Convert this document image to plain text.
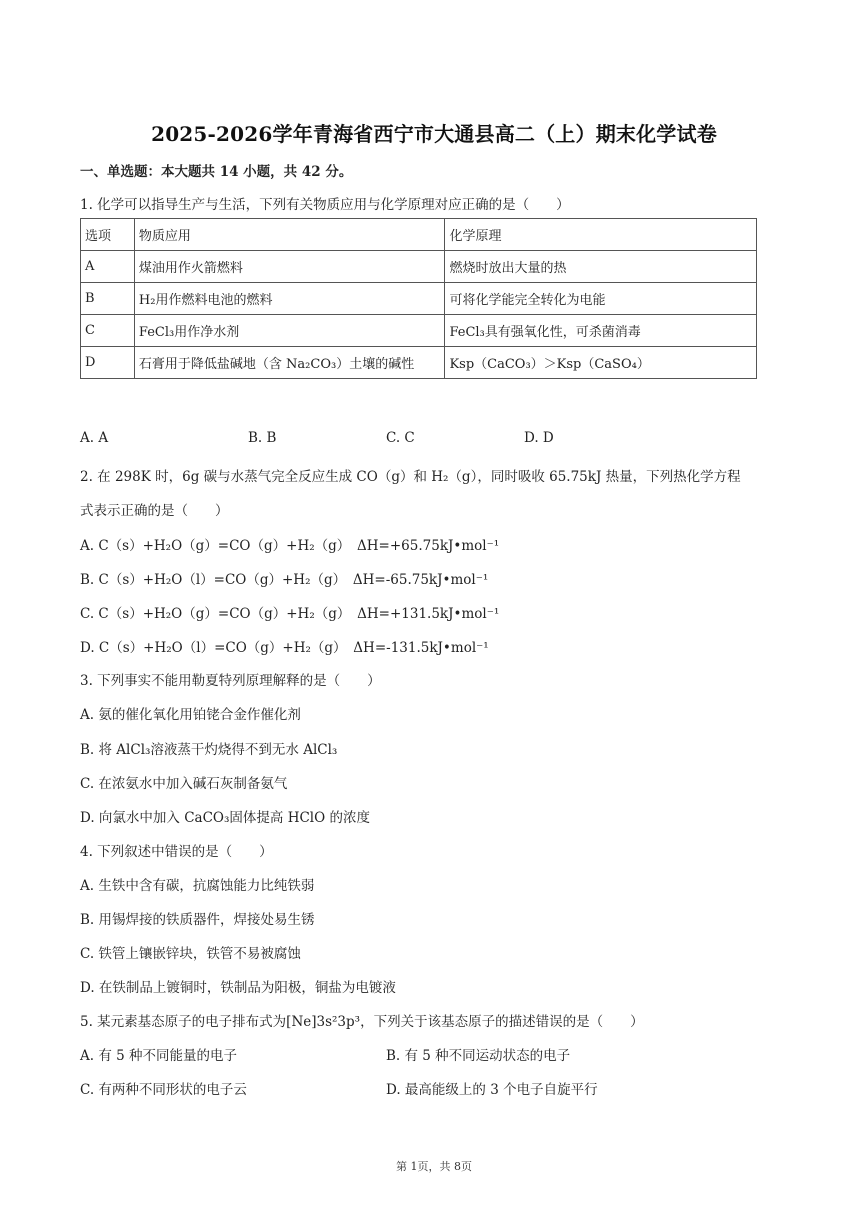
2025-2026学年青海省西宁市大通县高二（上）期末化学试卷
一、单选题：本大题共 14 小题，共 42 分。
1. 化学可以指导生产与生活，下列有关物质应用与化学原理对应正确的是（　　）
选项	物质应用	化学原理
A	煤油用作火箭燃料	燃烧时放出大量的热
B	H₂用作燃料电池的燃料	可将化学能完全转化为电能
C	FeCl₃用作净水剂	FeCl₃具有强氧化性，可杀菌消毒
D	石膏用于降低盐碱地（含 Na₂CO₃）土壤的碱性	Ksp（CaCO₃）＞Ksp（CaSO₄）
A. A	B. B	C. C	D. D
2. 在 298K 时，6g 碳与水蒸气完全反应生成 CO（g）和 H₂（g），同时吸收 65.75kJ 热量，下列热化学方程
式表示正确的是（　　）
A. C（s）+H₂O（g）=CO（g）+H₂（g）　ΔH=+65.75kJ•mol⁻¹
B. C（s）+H₂O（l）=CO（g）+H₂（g）　ΔH=-65.75kJ•mol⁻¹
C. C（s）+H₂O（g）=CO（g）+H₂（g）　ΔH=+131.5kJ•mol⁻¹
D. C（s）+H₂O（l）=CO（g）+H₂（g）　ΔH=-131.5kJ•mol⁻¹
3. 下列事实不能用勒夏特列原理解释的是（　　）
A. 氨的催化氧化用铂铑合金作催化剂
B. 将 AlCl₃溶液蒸干灼烧得不到无水 AlCl₃
C. 在浓氨水中加入碱石灰制备氨气
D. 向氯水中加入 CaCO₃固体提高 HClO 的浓度
4. 下列叙述中错误的是（　　）
A. 生铁中含有碳，抗腐蚀能力比纯铁弱
B. 用锡焊接的铁质器件，焊接处易生锈
C. 铁管上镶嵌锌块，铁管不易被腐蚀
D. 在铁制品上镀铜时，铁制品为阳极，铜盐为电镀液
5. 某元素基态原子的电子排布式为[Ne]3s²3p³，下列关于该基态原子的描述错误的是（　　）
A. 有 5 种不同能量的电子	B. 有 5 种不同运动状态的电子
C. 有两种不同形状的电子云	D. 最高能级上的 3 个电子自旋平行
第 1页，共 8页
